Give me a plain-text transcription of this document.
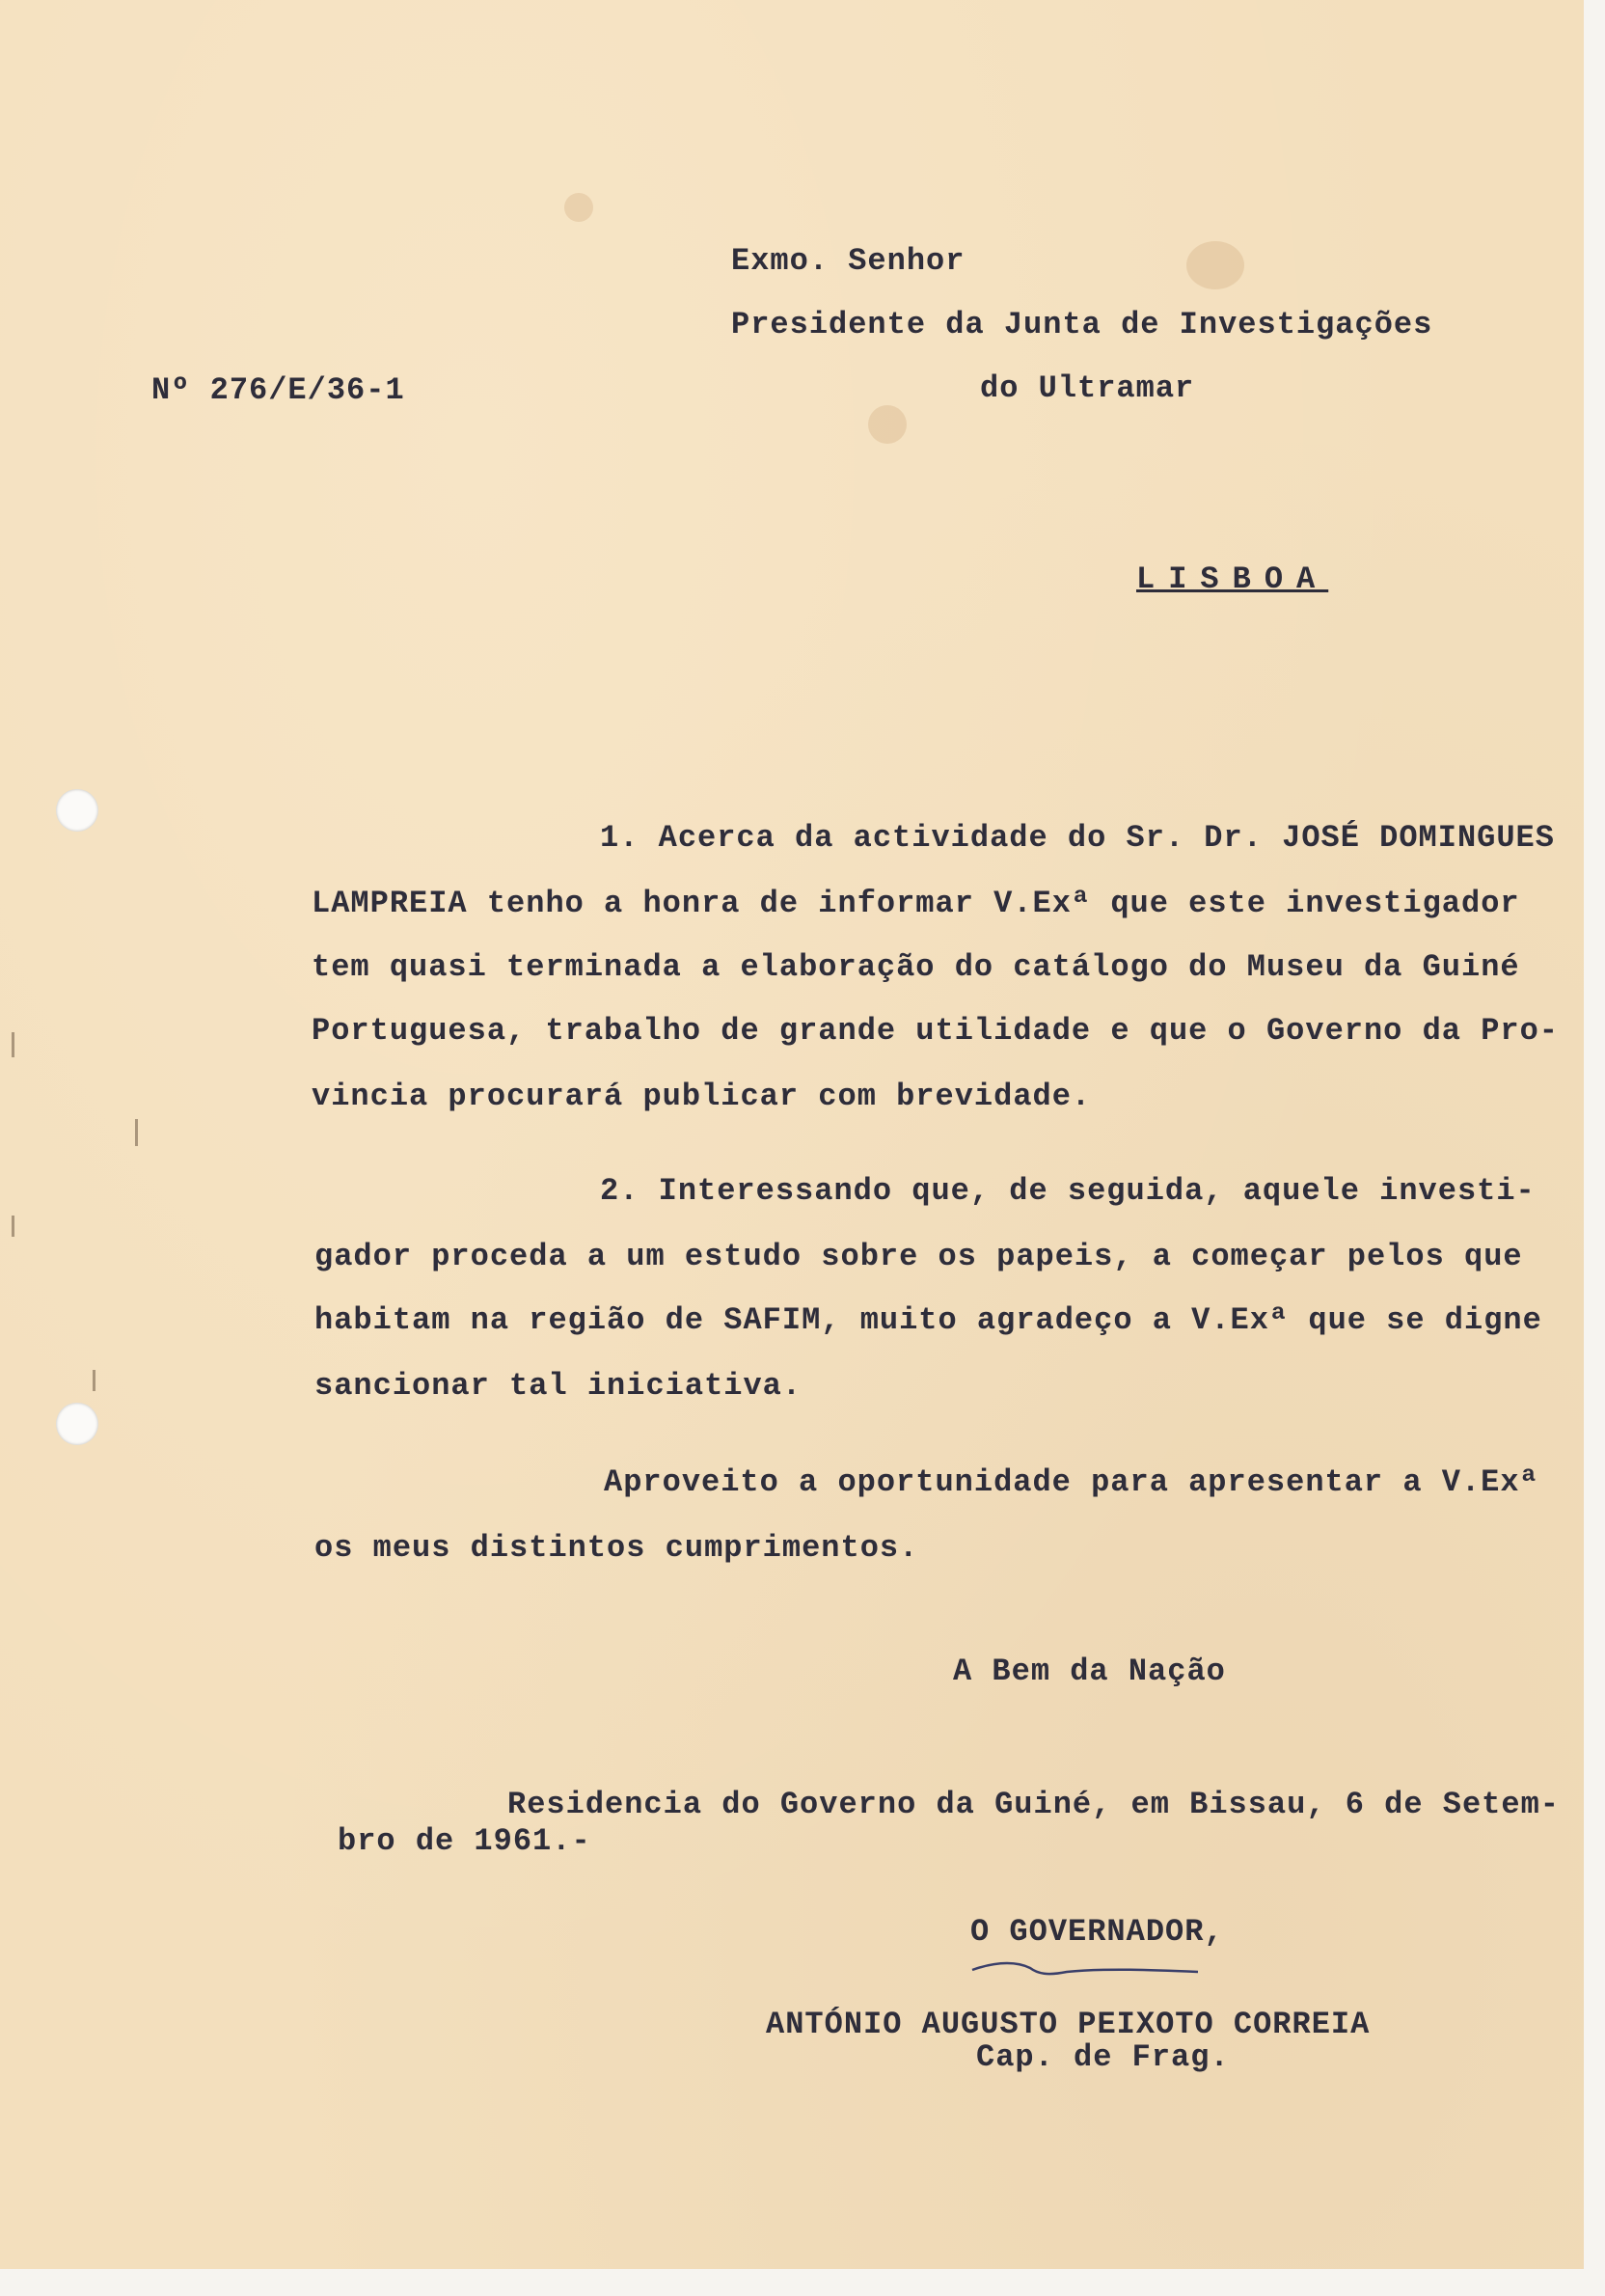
Exmo. Senhor
Presidente da Junta de Investigações
Nº 276/E/36-1	do Ultramar
LISBOA
1. Acerca da actividade do Sr. Dr. JOSÉ DOMINGUES
LAMPREIA tenho a honra de informar V.Exª que este investigador
tem quasi terminada a elaboração do catálogo do Museu da Guiné
Portuguesa, trabalho de grande utilidade e que o Governo da Pro-
vincia procurará publicar com brevidade.
2. Interessando que, de seguida, aquele investi-
gador proceda a um estudo sobre os papeis, a começar pelos que
habitam na região de SAFIM, muito agradeço a V.Exª que se digne
sancionar tal iniciativa.
Aproveito a oportunidade para apresentar a V.Exª
os meus distintos cumprimentos.
A Bem da Nação
Residencia do Governo da Guiné, em Bissau, 6 de Setem-
bro de 1961.-
O GOVERNADOR,
ANTÓNIO AUGUSTO PEIXOTO CORREIA
Cap. de Frag.
